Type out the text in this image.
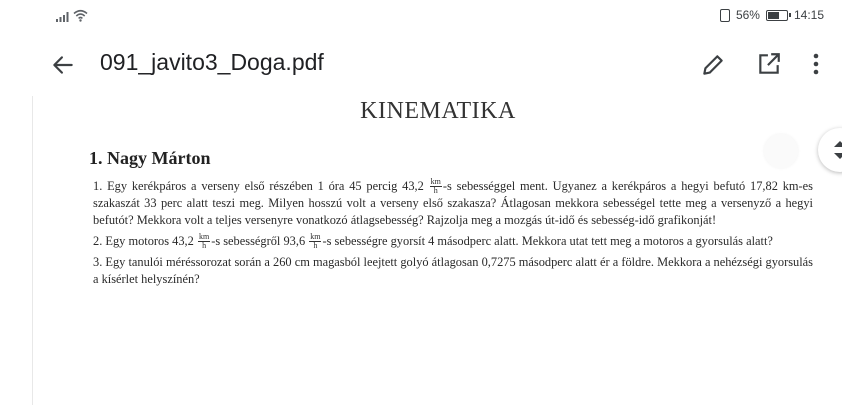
56%	14:15
091_javito3_Doga.pdf
KINEMATIKA
1. Nagy Márton
1. Egy kerékpáros a verseny első részében 1 óra 45 percig $43,2 \frac{km}{h} -s$ sebességgel ment. Ugyanez a kerékpáros a hegyi befutó 17,82 km-es szakaszát 33 perc alatt teszi meg. Milyen hosszú volt a verseny első szakasza? Átlagosan mekkora sebességel tette meg a versenyző a hegyi befutót? Mekkora volt a teljes versenyre vonatkozó átlagsebesség? Rajzolja meg a mozgás út-idő és sebesség-idő grafikonját!
2. Egy motoros $43,2 \frac{km}{h} -s$ sebességről $93,6 \frac{km}{h} -s$ sebességre gyorsít 4 másodperc alatt. Mekkora utat tett meg a motoros a gyorsulás alatt?
3. Egy tanulói méréssorozat során a 260 cm magasból leejtett golyó átlagosan 0,7275 másodperc alatt ér a földre. Mekkora a nehézségi gyorsulás a kísérlet helyszínén?
